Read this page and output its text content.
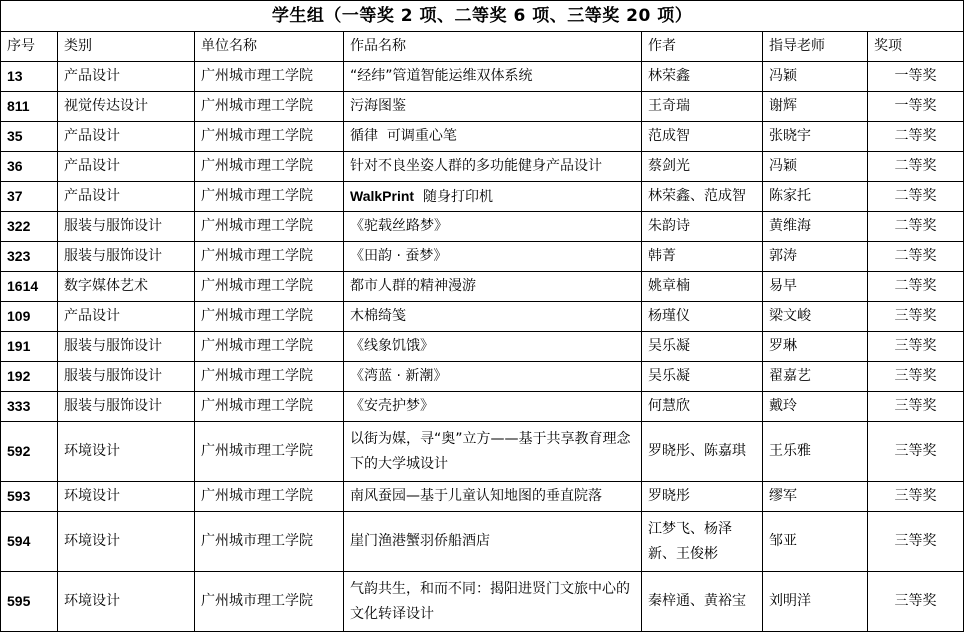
学生组（一等奖 2 项、二等奖 6 项、三等奖 20 项）						
序号	类别	单位名称	作品名称	作者	指导老师	奖项
13	产品设计	广州城市理工学院	“经纬”管道智能运维双体系统	林荣鑫	冯颖	一等奖
811	视觉传达设计	广州城市理工学院	污海图鉴	王奇瑞	谢辉	一等奖
35	产品设计	广州城市理工学院	循律  可调重心笔	范成智	张晓宇	二等奖
36	产品设计	广州城市理工学院	针对不良坐姿人群的多功能健身产品设计	蔡剑光	冯颖	二等奖
37	产品设计	广州城市理工学院	WalkPrint  随身打印机	林荣鑫、范成智	陈家托	二等奖
322	服装与服饰设计	广州城市理工学院	《驼载丝路梦》	朱韵诗	黄维海	二等奖
323	服装与服饰设计	广州城市理工学院	《田韵 · 蚕梦》	韩菁	郭涛	二等奖
1614	数字媒体艺术	广州城市理工学院	都市人群的精神漫游	姚章楠	易早	二等奖
109	产品设计	广州城市理工学院	木棉绮笺	杨瑾仪	梁文峻	三等奖
191	服装与服饰设计	广州城市理工学院	《线象饥饿》	吴乐凝	罗琳	三等奖
192	服装与服饰设计	广州城市理工学院	《湾蓝 · 新潮》	吴乐凝	翟嘉艺	三等奖
333	服装与服饰设计	广州城市理工学院	《安壳护梦》	何慧欣	戴玲	三等奖
592	环境设计	广州城市理工学院	以街为媒，寻“奥”立方——基于共享教育理念下的大学城设计	罗晓彤、陈嘉琪	王乐雅	三等奖
593	环境设计	广州城市理工学院	南风蚕园—基于儿童认知地图的垂直院落	罗晓彤	缪军	三等奖
594	环境设计	广州城市理工学院	崖门渔港蟹羽侨船酒店	江梦飞、杨泽新、王俊彬	邹亚	三等奖
595	环境设计	广州城市理工学院	气韵共生，和而不同：揭阳进贤门文旅中心的文化转译设计	秦梓通、黄裕宝	刘明洋	三等奖
